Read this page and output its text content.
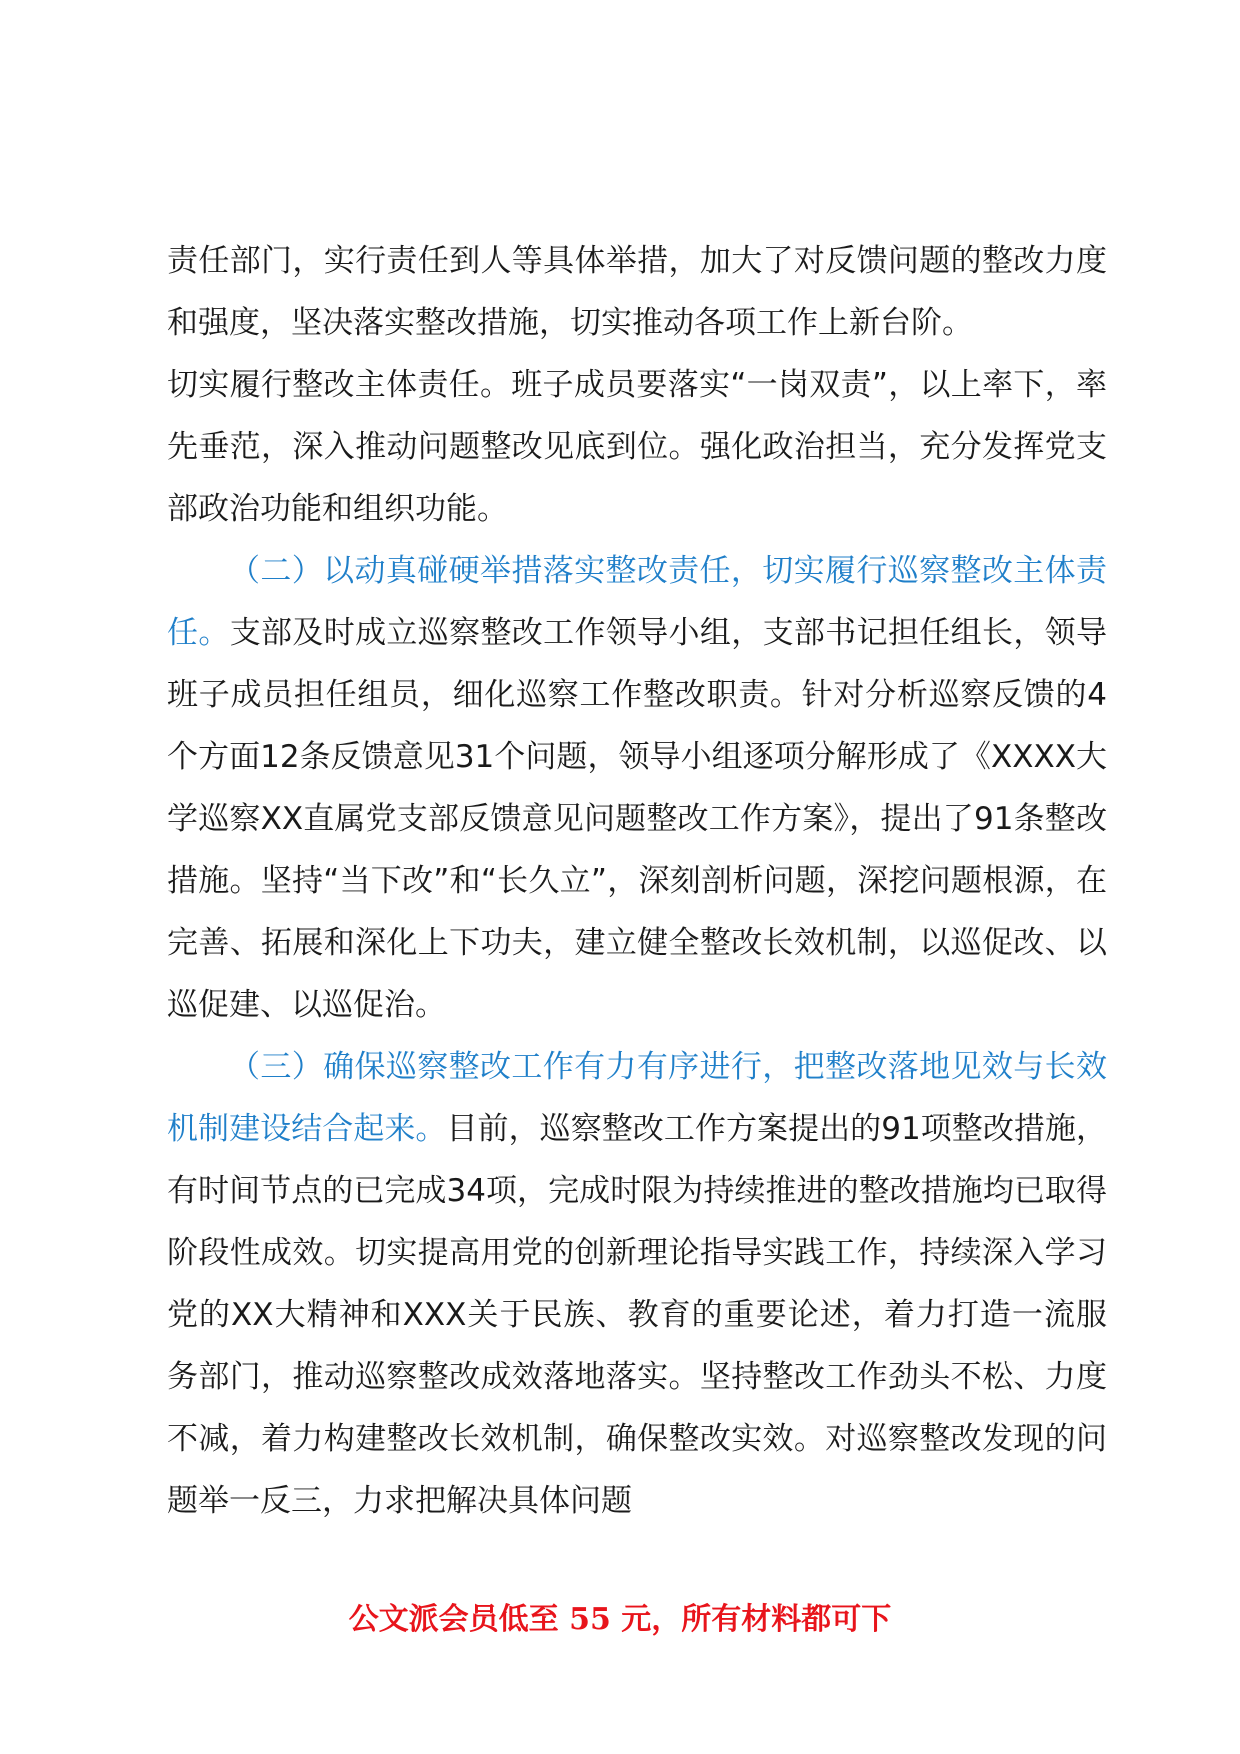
责任部门，实行责任到人等具体举措，加大了对反馈问题的整改力度和强度，坚决落实整改措施，切实推动各项工作上新台阶。

切实履行整改主体责任。班子成员要落实“一岗双责”，以上率下，率先垂范，深入推动问题整改见底到位。强化政治担当，充分发挥党支部政治功能和组织功能。

（二）以动真碰硬举措落实整改责任，切实履行巡察整改主体责任。支部及时成立巡察整改工作领导小组，支部书记担任组长，领导班子成员担任组员，细化巡察工作整改职责。针对分析巡察反馈的4个方面12条反馈意见31个问题，领导小组逐项分解形成了《XXXX大学巡察XX直属党支部反馈意见问题整改工作方案》，提出了91条整改措施。坚持“当下改”和“长久立”，深刻剖析问题，深挖问题根源，在完善、拓展和深化上下功夫，建立健全整改长效机制，以巡促改、以巡促建、以巡促治。

（三）确保巡察整改工作有力有序进行，把整改落地见效与长效机制建设结合起来。目前，巡察整改工作方案提出的91项整改措施，有时间节点的已完成34项，完成时限为持续推进的整改措施均已取得阶段性成效。切实提高用党的创新理论指导实践工作，持续深入学习党的XX大精神和XXX关于民族、教育的重要论述，着力打造一流服务部门，推动巡察整改成效落地落实。坚持整改工作劲头不松、力度不减，着力构建整改长效机制，确保整改实效。对巡察整改发现的问题举一反三，力求把解决具体问题

公文派会员低至 55 元，所有材料都可下
